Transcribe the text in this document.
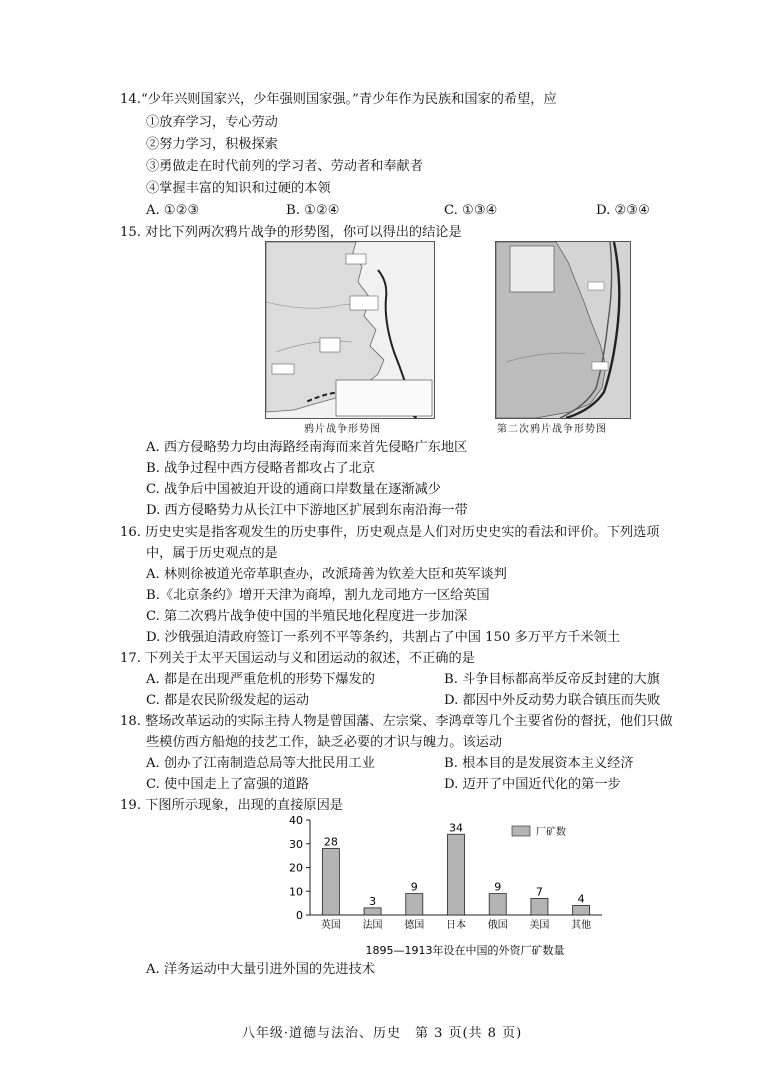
14.“少年兴则国家兴，少年强则国家强。”青少年作为民族和国家的希望，应
①放弃学习，专心劳动
②努力学习，积极探索
③勇做走在时代前列的学习者、劳动者和奉献者
④掌握丰富的知识和过硬的本领
A. ①②③	B. ①②④	C. ①③④	D. ②③④
15. 对比下列两次鸦片战争的形势图，你可以得出的结论是
鸦片战争形势图	第二次鸦片战争形势图
A. 西方侵略势力均由海路经南海而来首先侵略广东地区
B. 战争过程中西方侵略者都攻占了北京
C. 战争后中国被迫开设的通商口岸数量在逐渐减少
D. 西方侵略势力从长江中下游地区扩展到东南沿海一带
16. 历史史实是指客观发生的历史事件，历史观点是人们对历史史实的看法和评价。下列选项
中，属于历史观点的是
A. 林则徐被道光帝革职查办，改派琦善为钦差大臣和英军谈判
B.《北京条约》增开天津为商埠，割九龙司地方一区给英国
C. 第二次鸦片战争使中国的半殖民地化程度进一步加深
D. 沙俄强迫清政府签订一系列不平等条约，共割占了中国 150 多万平方千米领土
17. 下列关于太平天国运动与义和团运动的叙述，不正确的是
A. 都是在出现严重危机的形势下爆发的	B. 斗争目标都高举反帝反封建的大旗
C. 都是农民阶级发起的运动	D. 都因中外反动势力联合镇压而失败
18. 整场改革运动的实际主持人物是曾国藩、左宗棠、李鸿章等几个主要省份的督抚，他们只做
些模仿西方船炮的技艺工作，缺乏必要的才识与魄力。该运动
A. 创办了江南制造总局等大批民用工业	B. 根本目的是发展资本主义经济
C. 使中国走上了富强的道路	D. 迈开了中国近代化的第一步
19. 下图所示现象，出现的直接原因是
0
10
20
30
40
28
3
9
34
9	7
4
英国 法国 德国 日本 俄国 美国 其他
厂矿数
1895—1913年设在中国的外资厂矿数量
A. 洋务运动中大量引进外国的先进技术
八年级·道德与法治、历史　第 3 页(共 8 页)
